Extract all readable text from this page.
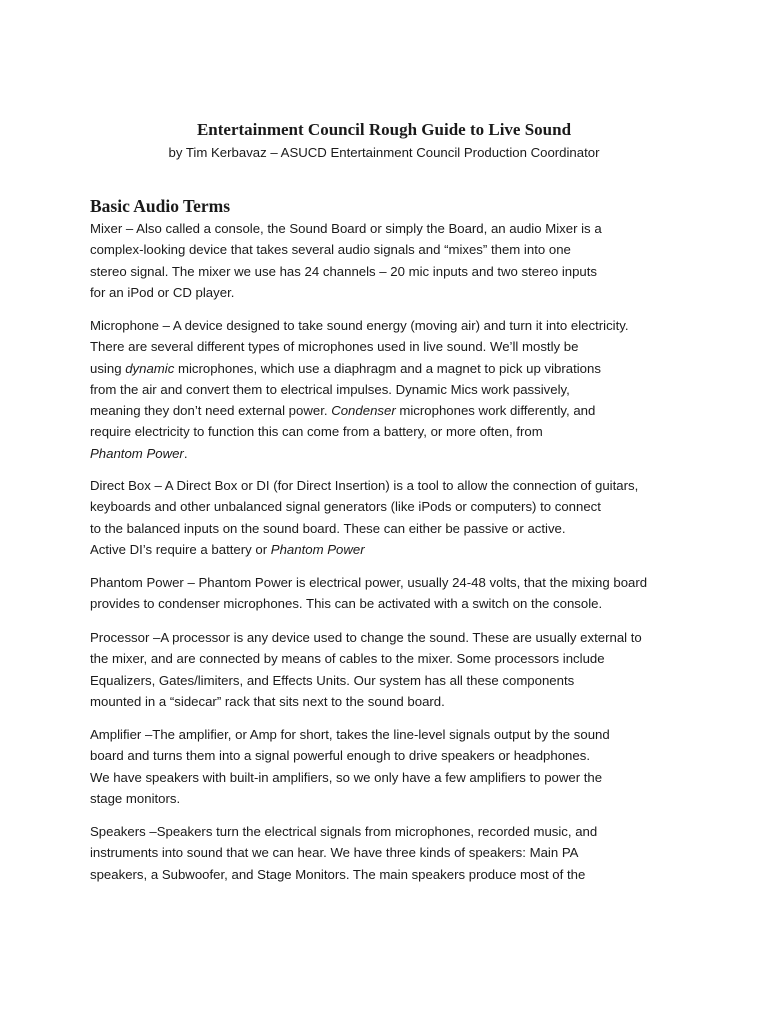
Entertainment Council Rough Guide to Live Sound
by Tim Kerbavaz – ASUCD Entertainment Council Production Coordinator
Basic Audio Terms
Mixer – Also called a console, the Sound Board or simply the Board, an audio Mixer is a
complex-looking device that takes several audio signals and “mixes” them into one
stereo signal. The mixer we use has 24 channels – 20 mic inputs and two stereo inputs
for an iPod or CD player.
Microphone – A device designed to take sound energy (moving air) and turn it into electricity.
There are several different types of microphones used in live sound. We’ll mostly be
using dynamic microphones, which use a diaphragm and a magnet to pick up vibrations
from the air and convert them to electrical impulses. Dynamic Mics work passively,
meaning they don’t need external power. Condenser microphones work differently, and
require electricity to function this can come from a battery, or more often, from
Phantom Power.
Direct Box – A Direct Box or DI (for Direct Insertion) is a tool to allow the connection of guitars,
keyboards and other unbalanced signal generators (like iPods or computers) to connect
to the balanced inputs on the sound board. These can either be passive or active.
Active DI’s require a battery or Phantom Power
Phantom Power – Phantom Power is electrical power, usually 24-48 volts, that the mixing board
provides to condenser microphones. This can be activated with a switch on the console.
Processor –A processor is any device used to change the sound. These are usually external to
the mixer, and are connected by means of cables to the mixer. Some processors include
Equalizers, Gates/limiters, and Effects Units. Our system has all these components
mounted in a “sidecar” rack that sits next to the sound board.
Amplifier –The amplifier, or Amp for short, takes the line-level signals output by the sound
board and turns them into a signal powerful enough to drive speakers or headphones.
We have speakers with built-in amplifiers, so we only have a few amplifiers to power the
stage monitors.
Speakers –Speakers turn the electrical signals from microphones, recorded music, and
instruments into sound that we can hear. We have three kinds of speakers: Main PA
speakers, a Subwoofer, and Stage Monitors. The main speakers produce most of the
